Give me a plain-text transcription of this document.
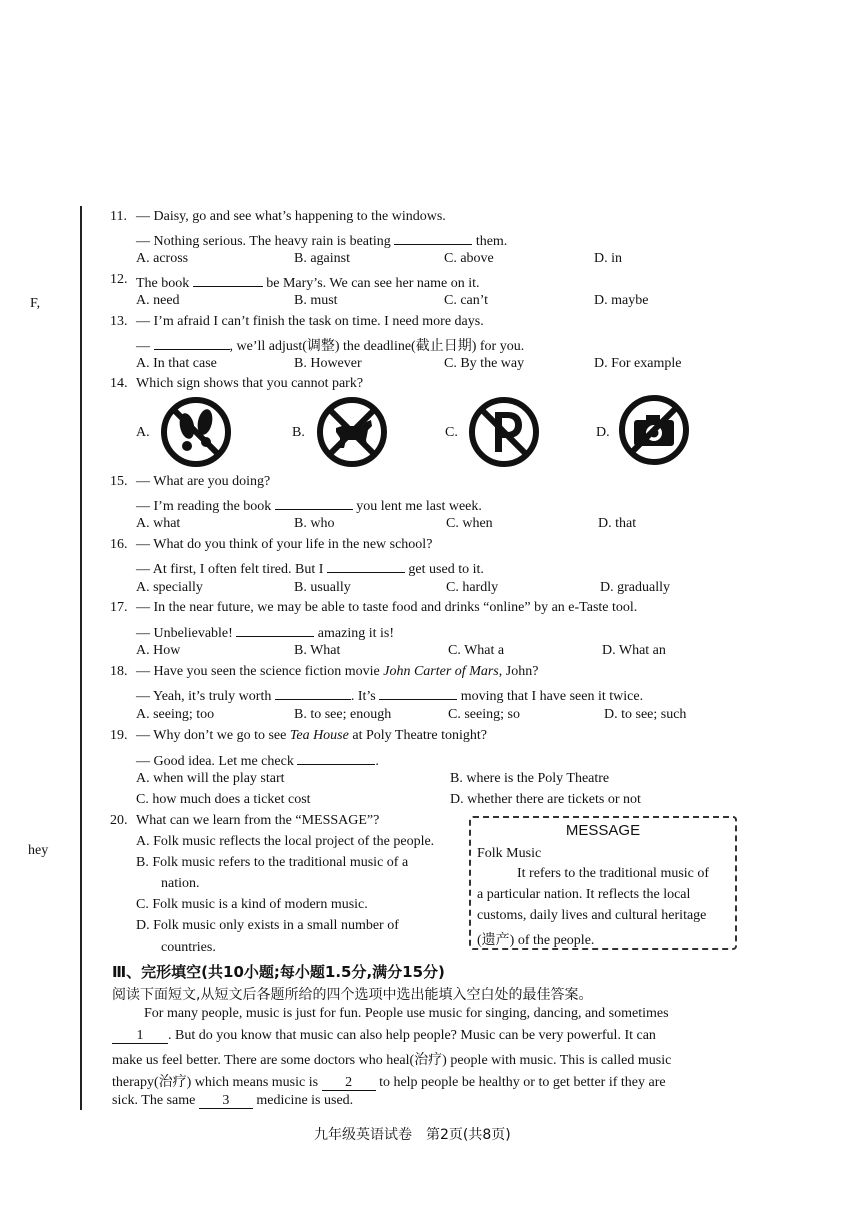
F,
hey
11. — Daisy, go and see what’s happening to the windows.
— Nothing serious. The heavy rain is beating	them.
A. across	B. against	C. above	D. in
12. The book	be Mary’s. We can see her name on it.
A. need	B. must	C. can’t	D. maybe
13. — I’m afraid I can’t finish the task on time. I need more days.
—	, we’ll adjust(调整) the deadline(截止日期) for you.
A. In that case	B. However	C. By the way	D. For example
14. Which sign shows that you cannot park?
A.	B.	C.	D.
15. — What are you doing?
— I’m reading the book	you lent me last week.
A. what	B. who	C. when	D. that
16. — What do you think of your life in the new school?
— At first, I often felt tired. But I	get used to it.
A. specially	B. usually	C. hardly	D. gradually
17. — In the near future, we may be able to taste food and drinks “online” by an e-Taste tool.
— Unbelievable!	amazing it is!
A. How	B. What	C. What a	D. What an
18. — Have you seen the science fiction movie John Carter of Mars, John?
— Yeah, it’s truly worth	. It’s	moving that I have seen it twice.
A. seeing; too	B. to see; enough	C. seeing; so	D. to see; such
19. — Why don’t we go to see Tea House at Poly Theatre tonight?
— Good idea. Let me check	.
A. when will the play start	B. where is the Poly Theatre
C. how much does a ticket cost	D. whether there are tickets or not
20. What can we learn from the “MESSAGE”?
A. Folk music reflects the local project of the people.
B. Folk music refers to the traditional music of a
nation.
C. Folk music is a kind of modern music.
D. Folk music only exists in a small number of
countries.
MESSAGE
Folk Music
It refers to the traditional music of
a particular nation. It reflects the local
customs, daily lives and cultural heritage
(遗产) of the people.
Ⅲ、完形填空(共10小题;每小题1.5分,满分15分)
阅读下面短文,从短文后各题所给的四个选项中选出能填入空白处的最佳答案。
For many people, music is just for fun. People use music for singing, dancing, and sometimes
1 . But do you know that music can also help people? Music can be very powerful. It can
make us feel better. There are some doctors who heal(治疗) people with music. This is called music
therapy(治疗) which means music is 2 to help people be healthy or to get better if they are
sick. The same 3 medicine is used.
九年级英语试卷　第2页(共8页)
